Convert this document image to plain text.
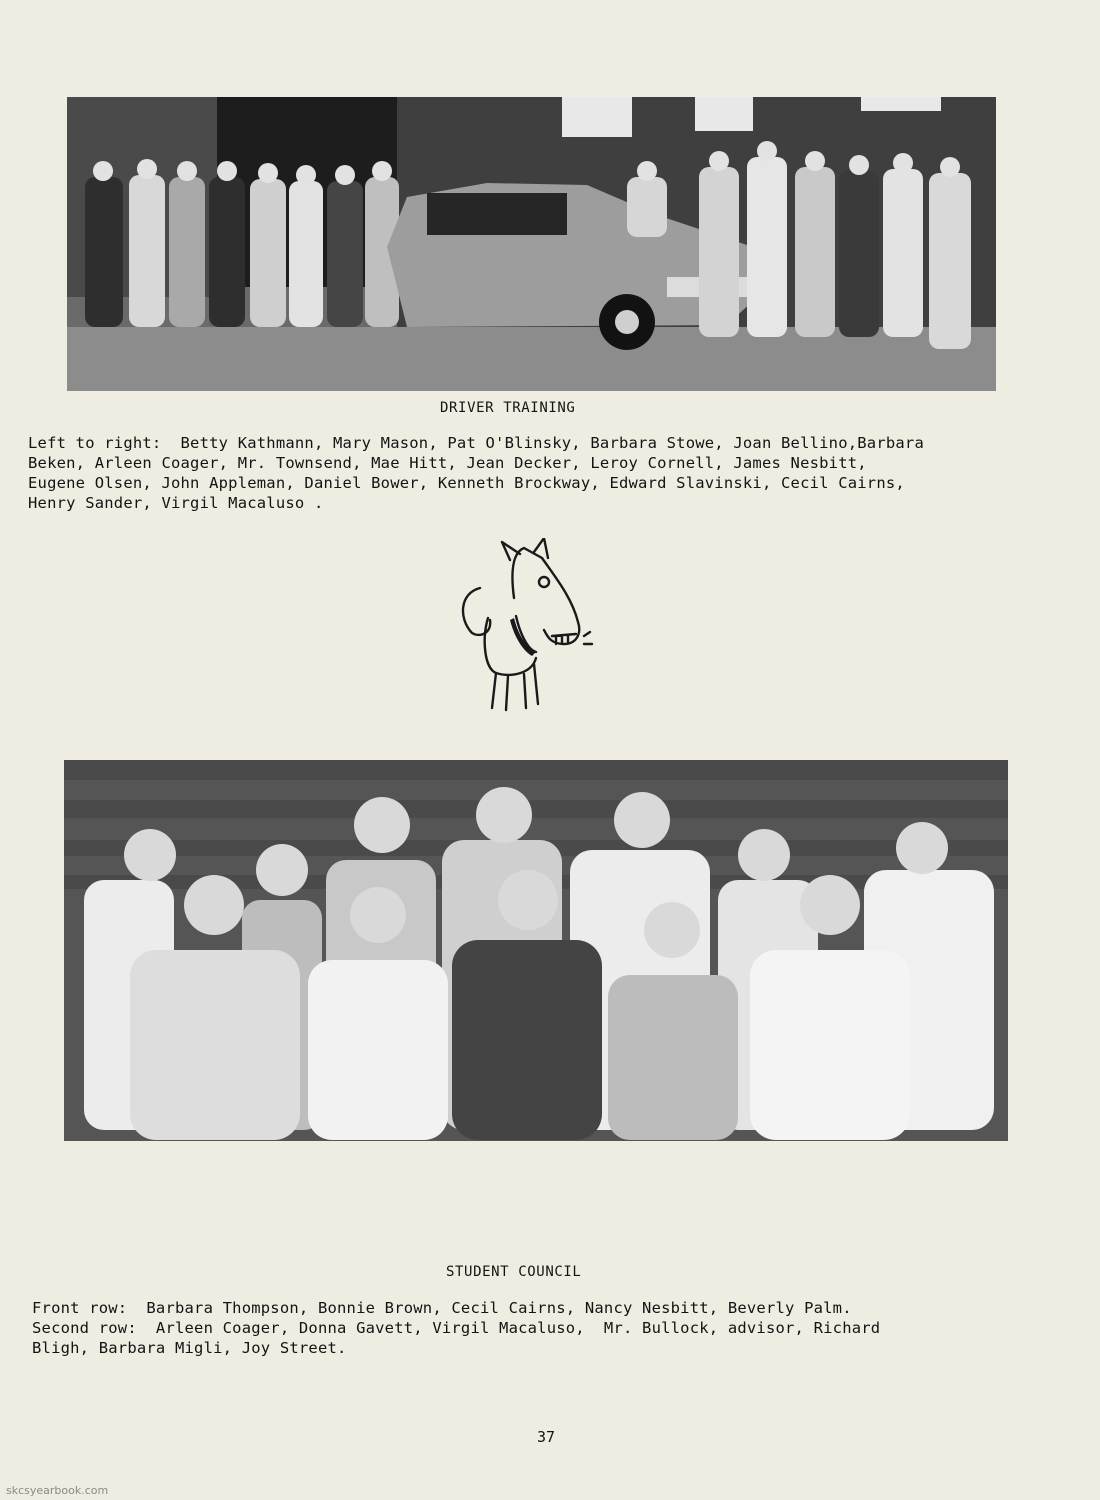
DRIVER TRAINING
Left to right:  Betty Kathmann, Mary Mason, Pat O'Blinsky, Barbara Stowe, Joan Bellino,Barbara
Beken, Arleen Coager, Mr. Townsend, Mae Hitt, Jean Decker, Leroy Cornell, James Nesbitt,
Eugene Olsen, John Appleman, Daniel Bower, Kenneth Brockway, Edward Slavinski, Cecil Cairns,
Henry Sander, Virgil Macaluso .
STUDENT COUNCIL
Front row:  Barbara Thompson, Bonnie Brown, Cecil Cairns, Nancy Nesbitt, Beverly Palm.
Second row:  Arleen Coager, Donna Gavett, Virgil Macaluso,  Mr. Bullock, advisor, Richard
Bligh, Barbara Migli, Joy Street.
37
skcsyearbook.com
